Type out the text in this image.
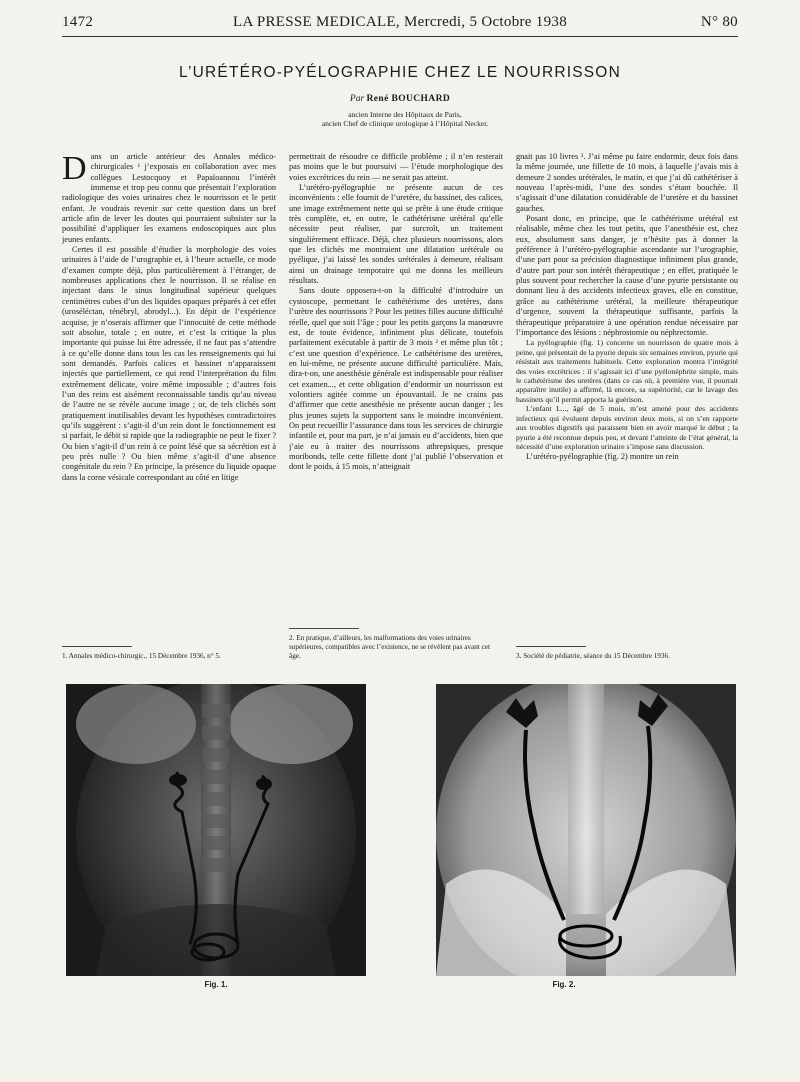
1472	LA PRESSE MEDICALE, Mercredi, 5 Octobre 1938	N° 80
L’URÉTÉRO-PYÉLOGRAPHIE CHEZ LE NOURRISSON
Par René BOUCHARD
ancien Interne des Hôpitaux de Paris,
ancien Chef de clinique urologique à l’Hôpital Necker.

Dans un article antérieur des Annales médico-chirurgicales ¹ j’exposais en collaboration avec mes collègues Lestocquoy et Papaïoannou l’intérêt immense et trop peu connu que présentait l’exploration radiologique des voies urinaires chez le nourrisson et le petit enfant. Je voudrais revenir sur cette question dans un bref article afin de lever les doutes qui pourraient subsister sur la possibilité d’appliquer les examens endoscopiques aux plus jeunes enfants.

Certes il est possible d’étudier la morphologie des voies urinaires à l’aide de l’urographie et, à l’heure actuelle, ce mode d’examen compte déjà, plus particulièrement à l’étranger, de nombreuses applications chez le nourrisson. Il se réalise en injectant dans le sinus longitudinal supérieur quelques centimètres cubes d’un des liquides opaques préparés à cet effet (uroséléctan, ténébryl, abrodyl...). En dépit de l’expérience acquise, je n’oserais affirmer que l’innocuité de cette méthode soit absolue, totale ; en outre, et c’est la critique la plus importante qui puisse lui être adressée, il ne faut pas s’attendre à ce qu’elle donne dans tous les cas les renseignements qui lui sont demandés. Parfois calices et bassinet n’apparaissent injectés que partiellement, ce qui rend l’interprétation du film extrêmement délicate, voire même impossible ; d’autres fois l’un des reins est aisément reconnaissable tandis qu’au niveau de l’autre ne se révèle aucune image ; or, de tels clichés sont pratiquement inutilisables devant les hypothèses contradictoires qu’ils suggèrent : s’agit-il d’un rein dont le fonctionnement est si parfait, le débit si rapide que la radiographie ne peut le fixer ? Ou bien s’agit-il d’un rein à ce point lésé que sa sécrétion est à peu près nulle ? Ou bien même s’agit-il d’une absence congénitale du rein ? En principe, la présence du liquide opaque dans la corne vésicale correspondant au côté en litige

permettrait de résoudre ce difficile problème ; il n’en resterait pas moins que le but poursuivi — l’étude morphologique des voies excrétrices du rein — ne serait pas atteint.

L’urétéro-pyélographie ne présente aucun de ces inconvénients : elle fournit de l’uretère, du bassinet, des calices, une image extrêmement nette qui se prête à une étude critique très complète, et, en outre, le cathétérisme urétéral qu’elle nécessite peut réaliser, par surcroît, un traitement singulièrement efficace. Déjà, chez plusieurs nourrissons, alors que les clichés me montraient une dilatation urétérale ou pyélique, j’ai laissé les sondes urétérales à demeure, réalisant ainsi un drainage temporaire qui me donna les meilleurs résultats.

Sans doute opposera-t-on la difficulté d’introduire un cystoscope, permettant le cathétérisme des uretères, dans l’urètre des nourrissons ? Pour les petites filles aucune difficulté réelle, quel que soit l’âge ; pour les petits garçons la manœuvre est, de toute évidence, infiniment plus délicate, toutefois parfaitement exécutable à partir de 3 mois ² et même plus tôt ; c’est une question d’expérience. Le cathétérisme des uretères, en lui-même, ne présente aucune difficulté particulière. Mais, dira-t-on, une anesthésie générale est indispensable pour réaliser cet examen..., et cette obligation d’endormir un nourrisson est volontiers agitée comme un épouvantail. Je ne crains pas d’affirmer que cette anesthésie ne présente aucun danger ; les plus jeunes sujets la supportent sans le moindre inconvénient. On peut recueillir l’assurance dans tous les services de chirurgie infantile et, pour ma part, je n’ai jamais eu d’accidents, bien que j’aie eu à traiter des nourrissons athrepsiques, presque moribonds, telle cette fillette dont j’ai publié l’observation et dont le poids, à 15 mois, n’atteignait

gnait pas 10 livres ³. J’ai même pu faire endormir, deux fois dans la même journée, une fillette de 10 mois, à laquelle j’avais mis à demeure 2 sondes urétérales, le matin, et que j’ai dû cathétériser à nouveau l’après-midi, l’une des sondes s’étant bouchée. Il s’agissait d’une dilatation considérable de l’uretère et du bassinet gauches.

Posant donc, en principe, que le cathétérisme urétéral est réalisable, même chez les tout petits, que l’anesthésie est, chez eux, absolument sans danger, je n’hésite pas à donner la préférence à l’urétéro-pyélographie ascendante sur l’urographie, d’une part pour sa précision diagnostique infiniment plus grande, d’autre part pour son intérêt thérapeutique ; en effet, pratiquée le plus souvent pour rechercher la cause d’une pyurie persistante ou donnant lieu à des accidents infectieux graves, elle en constitue, grâce au cathétérisme urétéral, la meilleure thérapeutique d’urgence, souvent la thérapeutique suffisante, parfois la thérapeutique préparatoire à une opération rendue nécessaire par l’importance des lésions : néphrostomie ou néphrectomie.

La pyélographie (fig. 1) concerne un nourrisson de quatre mois à peine, qui présentait de la pyurie depuis six semaines environ, pyurie qui résistait aux traitements habituels. Cette exploration montra l’intégrité des voies excrétrices : il s’agissait ici d’une pyélonéphrite simple, mais le cathétérisme des uretères (dans ce cas où, à première vue, il pourrait apparaître inutile) a affirmé, là encore, sa supériorité, car le lavage des bassinets qu’il permit apporta la guérison.

L’enfant L..., âgé de 5 mois, m’est amené pour des accidents infectieux qui évoluent depuis environ deux mois, si on s’en rapporte aux troubles digestifs qui paraissent bien en avoir marqué le début ; la pyurie a été reconnue depuis peu, et devant l’atteinte de l’état général, la nécessité d’une exploration urinaire s’impose sans discussion.

L’urétéro-pyélographie (fig. 2) montre un rein

1. Annales médico-chirurgic., 15 Décembre 1936, n° 5.
2. En pratique, d’ailleurs, les malformations des voies urinaires supérieures, compatibles avec l’existence, ne se révèlent pas avant cet âge.	3. Société de pédiatrie, séance du 15 Décembre 1936.
Fig. 1.	Fig. 2.
